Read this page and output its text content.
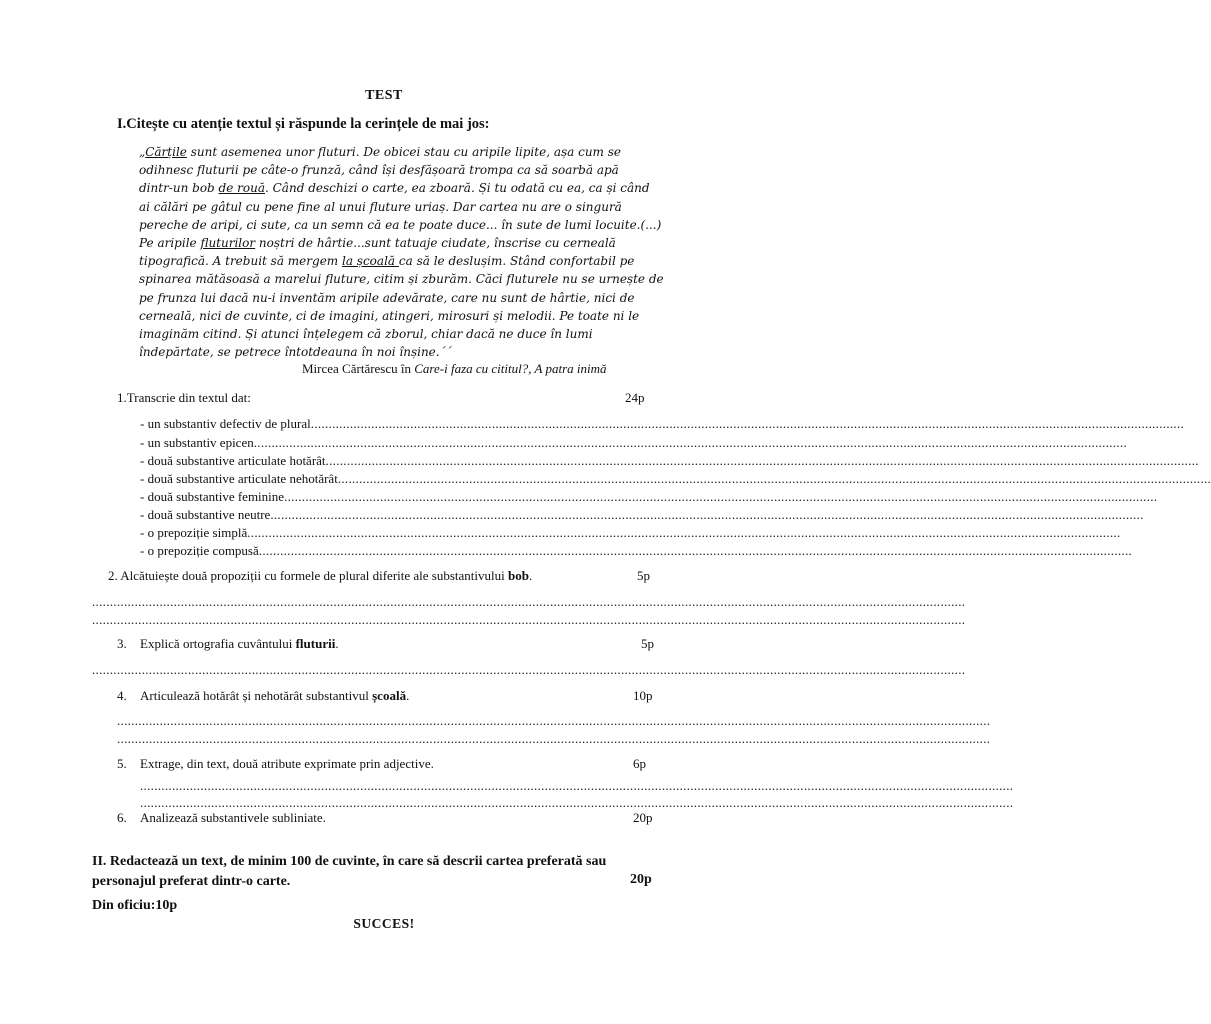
TEST
I.Citește cu atenție textul și răspunde la cerințele de mai jos:
„Cărțile sunt asemenea unor fluturi. De obicei stau cu aripile lipite, așa cum se
odihnesc fluturii pe câte-o frunză, când își desfășoară trompa ca să soarbă apă
dintr-un bob de rouă. Când deschizi o carte, ea zboară. Și tu odată cu ea, ca și când
ai călări pe gâtul cu pene fine al unui fluture uriaș. Dar cartea nu are o singură
pereche de aripi, ci sute, ca un semn că ea te poate duce... în sute de lumi locuite.(...)
Pe aripile fluturilor noștri de hârtie...sunt tatuaje ciudate, înscrise cu cerneală
tipografică. A trebuit să mergem la școală ca să le deslușim. Stând confortabil pe
spinarea mătăsoasă a marelui fluture, citim și zburăm. Căci fluturele nu se urnește de
pe frunza lui dacă nu-i inventăm aripile adevărate, care nu sunt de hârtie, nici de
cerneală, nici de cuvinte, ci de imagini, atingeri, mirosuri și melodii. Pe toate ni le
imaginăm citind. Și atunci înțelegem că zborul, chiar dacă ne duce în lumi
îndepărtate, se petrece întotdeauna în noi înșine.´´
Mircea Cărtărescu în Care-i faza cu cititul?, A patra inimă
1.Transcrie din textul dat:	24p
- un substantiv defectiv de plural......................................................................................................................................................................................................................................................
- un substantiv epicen......................................................................................................................................................................................................................................................
- două substantive articulate hotărât......................................................................................................................................................................................................................................................
- două substantive articulate nehotărât......................................................................................................................................................................................................................................................
- două substantive feminine......................................................................................................................................................................................................................................................
- două substantive neutre......................................................................................................................................................................................................................................................
- o prepoziție simplă......................................................................................................................................................................................................................................................
- o prepoziție compusă......................................................................................................................................................................................................................................................
2. Alcătuiește două propoziții cu formele de plural diferite ale substantivului bob.	5p
......................................................................................................................................................................................................................................................
......................................................................................................................................................................................................................................................
3. Explică ortografia cuvântului fluturii.	5p
......................................................................................................................................................................................................................................................
4. Articulează hotărât și nehotărât substantivul școală.	10p
......................................................................................................................................................................................................................................................
......................................................................................................................................................................................................................................................
5. Extrage, din text, două atribute exprimate prin adjective.	6p
......................................................................................................................................................................................................................................................
......................................................................................................................................................................................................................................................
6. Analizează substantivele subliniate.	20p
II. Redactează un text, de minim 100 de cuvinte, în care să descrii cartea preferată sau
personajul preferat dintr-o carte.	20p
Din oficiu:10p
SUCCES!
